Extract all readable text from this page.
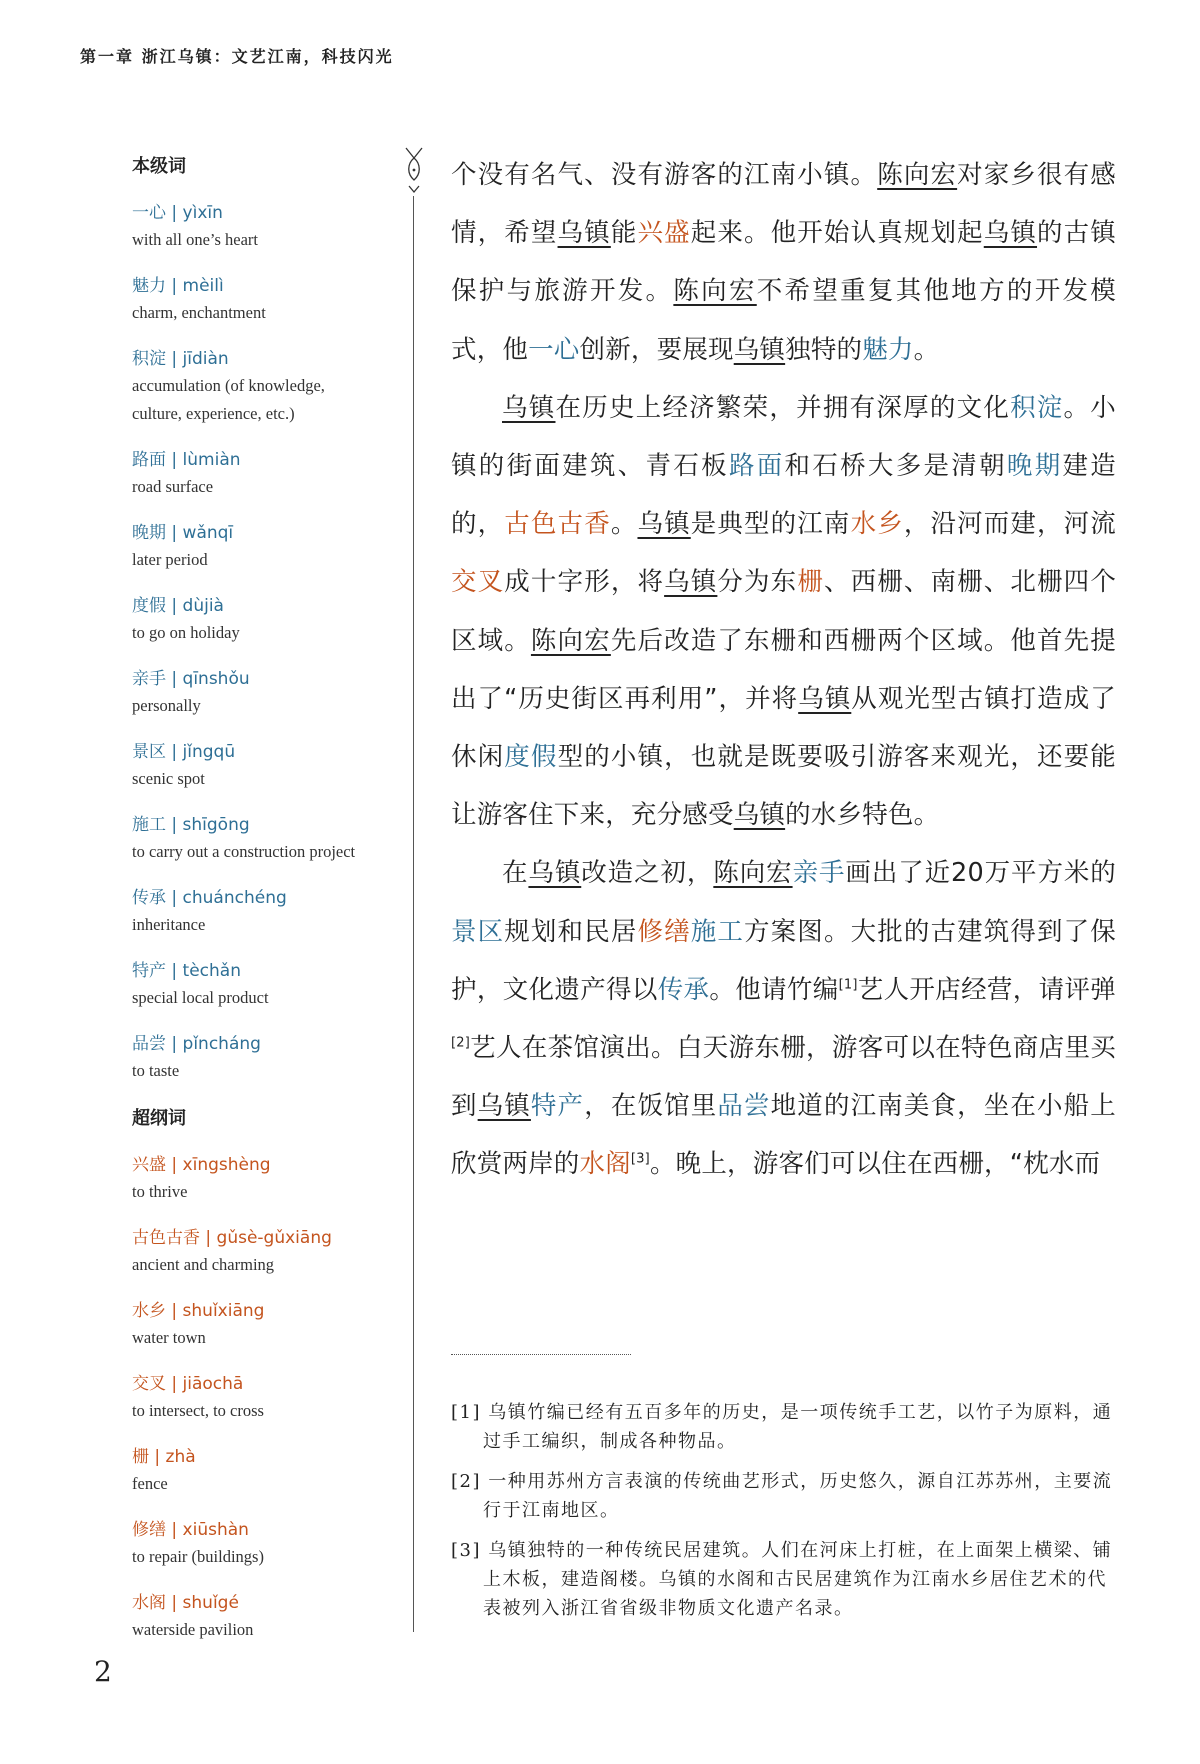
第一章 浙江乌镇：文艺江南，科技闪光
本级词
一心 | yìxīn
with all one’s heart
魅力 | mèilì
charm, enchantment
积淀 | jīdiàn
accumulation (of knowledge,
culture, experience, etc.)
路面 | lùmiàn
road surface
晚期 | wǎnqī
later period
度假 | dùjià
to go on holiday
亲手 | qīnshǒu
personally
景区 | jǐngqū
scenic spot
施工 | shīgōng
to carry out a construction project
传承 | chuánchéng
inheritance
特产 | tèchǎn
special local product
品尝 | pǐncháng
to taste
超纲词
兴盛 | xīngshèng
to thrive
古色古香 | gǔsè-gǔxiāng
ancient and charming
水乡 | shuǐxiāng
water town
交叉 | jiāochā
to intersect, to cross
栅 | zhà
fence
修缮 | xiūshàn
to repair (buildings)
水阁 | shuǐgé
waterside pavilion

个没有名气、没有游客的江南小镇。陈向宏对家乡很有感情，希望乌镇能兴盛起来。他开始认真规划起乌镇的古镇保护与旅游开发。陈向宏不希望重复其他地方的开发模式，他一心创新，要展现乌镇独特的魅力。

乌镇在历史上经济繁荣，并拥有深厚的文化积淀。小镇的街面建筑、青石板路面和石桥大多是清朝晚期建造的，古色古香。乌镇是典型的江南水乡，沿河而建，河流交叉成十字形，将乌镇分为东栅、西栅、南栅、北栅四个区域。陈向宏先后改造了东栅和西栅两个区域。他首先提出了“历史街区再利用”，并将乌镇从观光型古镇打造成了休闲度假型的小镇，也就是既要吸引游客来观光，还要能让游客住下来，充分感受乌镇的水乡特色。

在乌镇改造之初，陈向宏亲手画出了近20万平方米的景区规划和民居修缮施工方案图。大批的古建筑得到了保护，文化遗产得以传承。他请竹编[1]艺人开店经营，请评弹[2]艺人在茶馆演出。白天游东栅，游客可以在特色商店里买到乌镇特产，在饭馆里品尝地道的江南美食，坐在小船上欣赏两岸的水阁[3]。晚上，游客们可以住在西栅，“枕水而

[1] 乌镇竹编已经有五百多年的历史，是一项传统手工艺，以竹子为原料，通过手工编织，制成各种物品。
[2] 一种用苏州方言表演的传统曲艺形式，历史悠久，源自江苏苏州，主要流行于江南地区。
[3] 乌镇独特的一种传统民居建筑。人们在河床上打桩，在上面架上横梁、铺上木板，建造阁楼。乌镇的水阁和古民居建筑作为江南水乡居住艺术的代表被列入浙江省省级非物质文化遗产名录。
2
